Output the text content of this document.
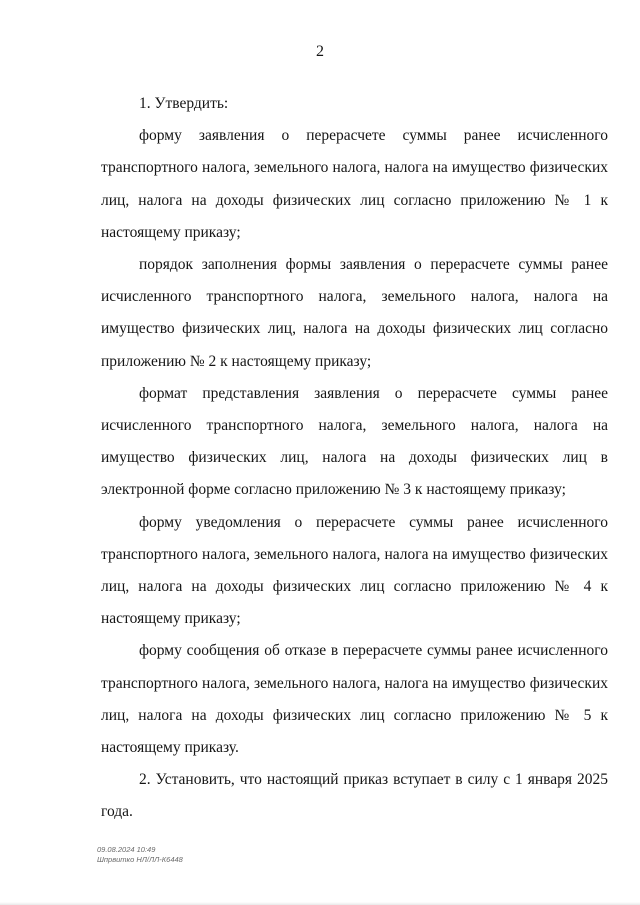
2

1. Утвердить:

форму заявления о перерасчете суммы ранее исчисленного транспортного налога, земельного налога, налога на имущество физических лиц, налога на доходы физических лиц согласно приложению № 1 к настоящему приказу;

порядок заполнения формы заявления о перерасчете суммы ранее исчисленного транспортного налога, земельного налога, налога на имущество физических лиц, налога на доходы физических лиц согласно приложению № 2 к настоящему приказу;

формат представления заявления о перерасчете суммы ранее исчисленного транспортного налога, земельного налога, налога на имущество физических лиц, налога на доходы физических лиц в электронной форме согласно приложению № 3 к настоящему приказу;

форму уведомления о перерасчете суммы ранее исчисленного транспортного налога, земельного налога, налога на имущество физических лиц, налога на доходы физических лиц согласно приложению № 4 к настоящему приказу;

форму сообщения об отказе в перерасчете суммы ранее исчисленного транспортного налога, земельного налога, налога на имущество физических лиц, налога на доходы физических лиц согласно приложению № 5 к настоящему приказу.

2. Установить, что настоящий приказ вступает в силу с 1 января 2025 года.

09.08.2024 10:49
Шпрвитко НЛ/ЛЛ-К6448
